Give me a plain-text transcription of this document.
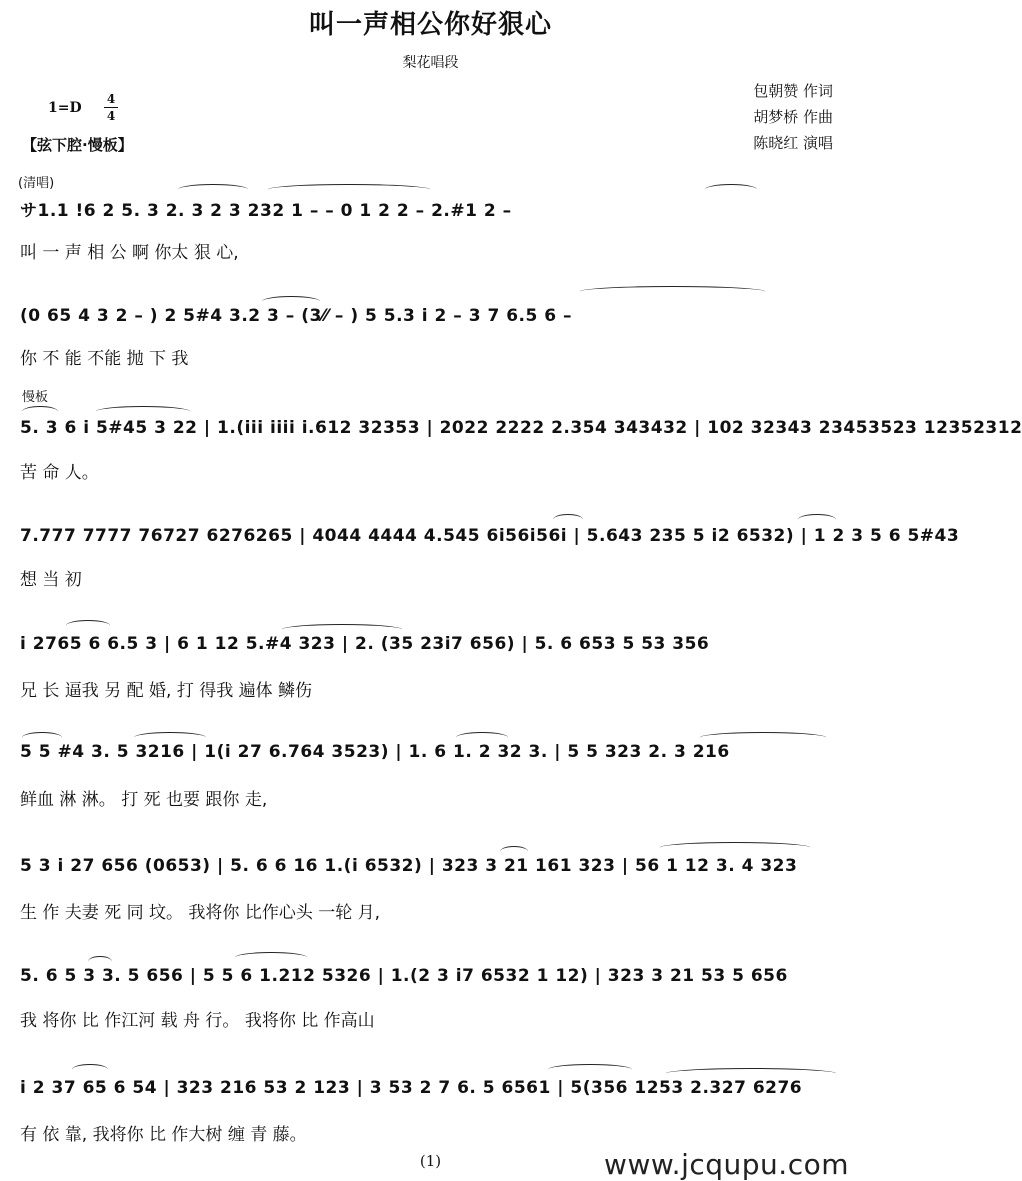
叫一声相公你好狠心
梨花唱段
包朝赞 作词
胡梦桥 作曲
陈晓红 演唱
1=D
4
4
【弦下腔·慢板】
(清唱)
サ1.1 !6 2 5. 3 2. 3 2 3 232 1 – – 0 1 2 2 – 2.#1 2 –
叫 一 声 相 公 啊 你太 狠 心,
(0 65 4 3 2 – ) 2 5#4 3.2 3 – (3⁄⁄ – ) 5 5.3 i 2 – 3 7 6.5 6 –
你 不 能 不能 抛 下 我
慢板
5. 3 6 i 5#45 3 22 | 1.(iii iiii i.612 32353 | 2022 2222 2.354 343432 | 102 32343 23453523 12352312
苦 命 人。
7.777 7777 76727 6276265 | 4044 4444 4.545 6i56i56i | 5.643 235 5 i2 6532) | 1 2 3 5 6 5#43
想 当 初
i 2765 6 6.5 3 | 6 1 12 5.#4 323 | 2. (35 23i7 656) | 5. 6 653 5 53 356
兄 长 逼我 另 配 婚, 打 得我 遍体 鳞伤
5 5 #4 3. 5 3216 | 1(i 27 6.764 3523) | 1. 6 1. 2 32 3. | 5 5 323 2. 3 216
鲜血 淋 淋。 打 死 也要 跟你 走,
5 3 i 27 656 (0653) | 5. 6 6 16 1.(i 6532) | 323 3 21 161 323 | 56 1 12 3. 4 323
生 作 夫妻 死 同 坟。 我将你 比作心头 一轮 月,
5. 6 5 3 3. 5 656 | 5 5 6 1.212 5326 | 1.(2 3 i7 6532 1 12) | 323 3 21 53 5 656
我 将你 比 作江河 载 舟 行。 我将你 比 作高山
i 2 37 65 6 54 | 323 216 53 2 123 | 3 53 2 7 6. 5 6561 | 5(356 1253 2.327 6276
有 依 靠, 我将你 比 作大树 缠 青 藤。
(1)	www.jcqupu.com
